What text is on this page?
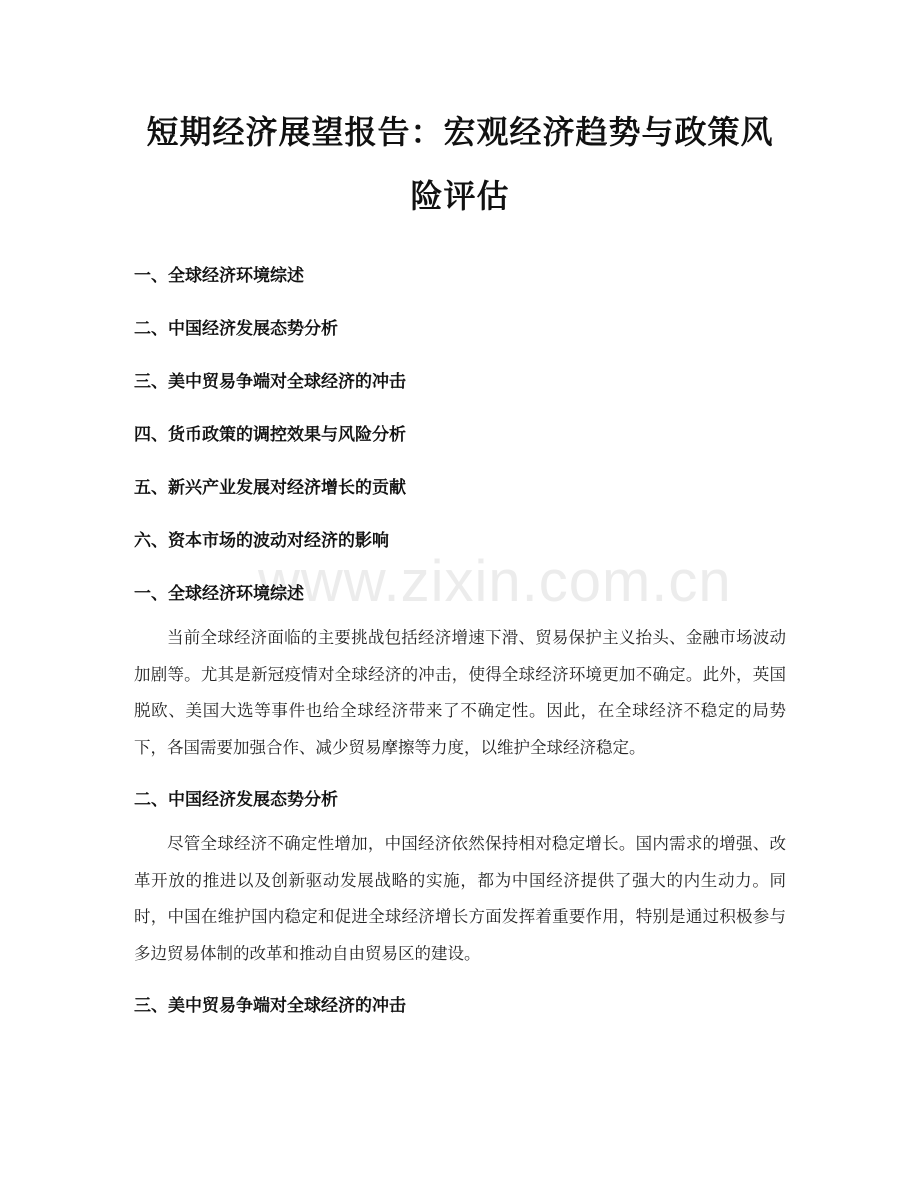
www.zixin.com.cn
短期经济展望报告：宏观经济趋势与政策风险评估
一、全球经济环境综述
二、中国经济发展态势分析
三、美中贸易争端对全球经济的冲击
四、货币政策的调控效果与风险分析
五、新兴产业发展对经济增长的贡献
六、资本市场的波动对经济的影响
一、全球经济环境综述

当前全球经济面临的主要挑战包括经济增速下滑、贸易保护主义抬头、金融市场波动加剧等。尤其是新冠疫情对全球经济的冲击，使得全球经济环境更加不确定。此外，英国脱欧、美国大选等事件也给全球经济带来了不确定性。因此，在全球经济不稳定的局势下，各国需要加强合作、减少贸易摩擦等力度，以维护全球经济稳定。

二、中国经济发展态势分析

尽管全球经济不确定性增加，中国经济依然保持相对稳定增长。国内需求的增强、改革开放的推进以及创新驱动发展战略的实施，都为中国经济提供了强大的内生动力。同时，中国在维护国内稳定和促进全球经济增长方面发挥着重要作用，特别是通过积极参与多边贸易体制的改革和推动自由贸易区的建设。

三、美中贸易争端对全球经济的冲击
